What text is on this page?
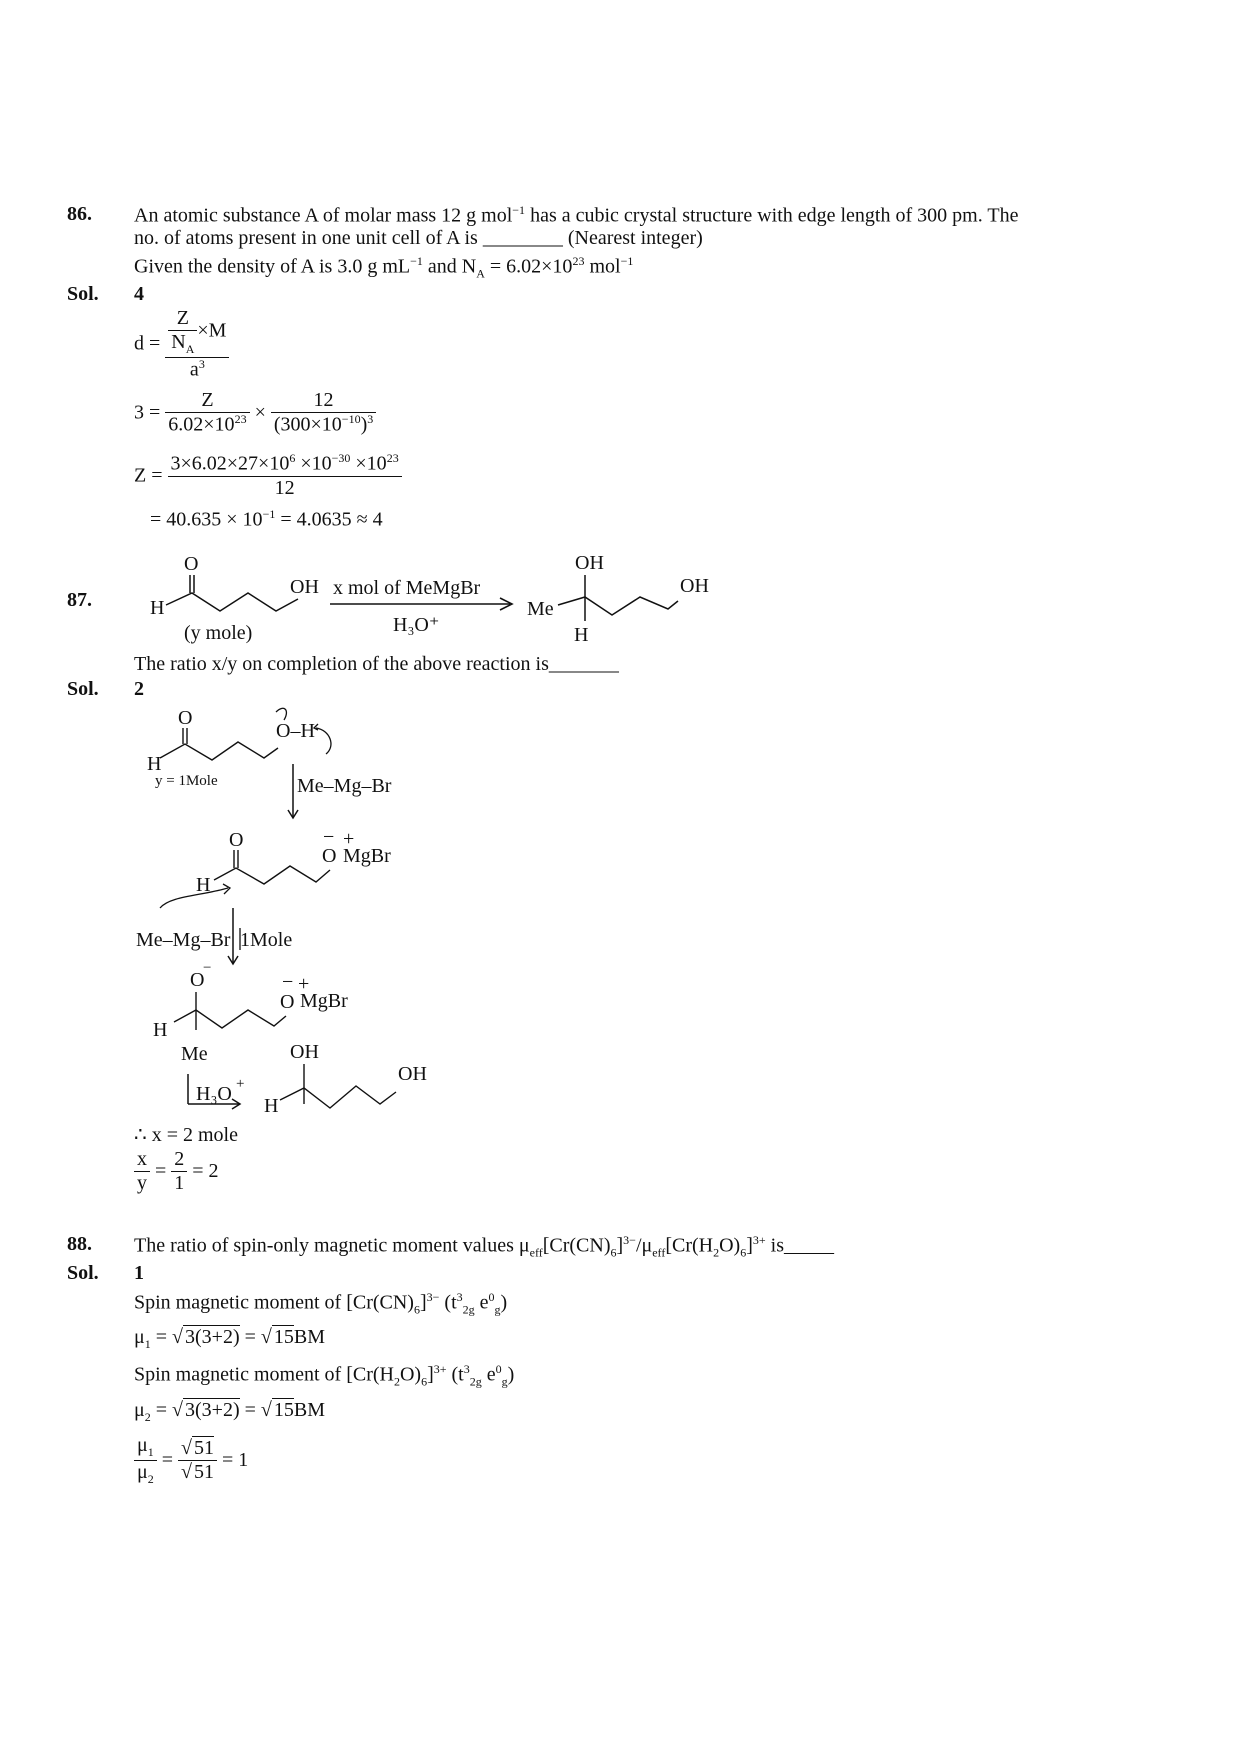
86. An atomic substance A of molar mass 12 g mol$^{-1}$ has a cubic crystal structure with edge length of 300 pm. The
no. of atoms present in one unit cell of A is ________ (Nearest integer)
Given the density of A is 3.0 g $mL^{-1}$ and $N_A = 6.02\times 10^{23}$ mol$^{-1}$
Sol. 4
$d = \frac{\frac{Z}{N_A} \times M}{a^3}$
$3 = \frac{Z}{6.02\times 10^{23}} \times \frac{12}{(300\times 10^{-10})^3}$
$Z = \frac{3\times 6.02\times 27\times 10^6 \times 10^{-30} \times 10^{23}}{12}$
= $40.635 \times 10^{-1} = 4.0635 \approx 4$
87.
O
H
OH
(y mole)
x mol of MeMgBr
H₃O⁺
OH
Me
OH
H
The ratio x/y on completion of the above reaction is_______
Sol. 2
O
H
y = 1Mole
O–H
Me–Mg–Br
O
H
− +
O MgBr
Me–Mg–Br 1Mole
O
−
H
− +
O MgBr
Me
H₃O +
OH
H
OH
∴ x = 2 mole
$\frac{x}{y} = \frac{2}{1} = 2$
88. The ratio of spin-only magnetic moment values $\mu_{eff}[Cr(CN)_6]^{3-}/\mu_{eff}[Cr(H_2O)_6]^{3+}$ is_____
Sol. 1
Spin magnetic moment of $[Cr(CN)_6]^{3-}$ ($t^3_{2g}$ $e^0_g$)
$\mu_1$ = √ 3(3+2) = √ 15BM
Spin magnetic moment of $[Cr(H_2O)_6]^{3+}$ ($t^3_{2g}$ $e^0_g$)
$\mu_2$ = √ 3(3+2) = √ 15BM
$\frac{\mu_1}{\mu_2} = \frac{√ 51}{√ 51} = 1$
